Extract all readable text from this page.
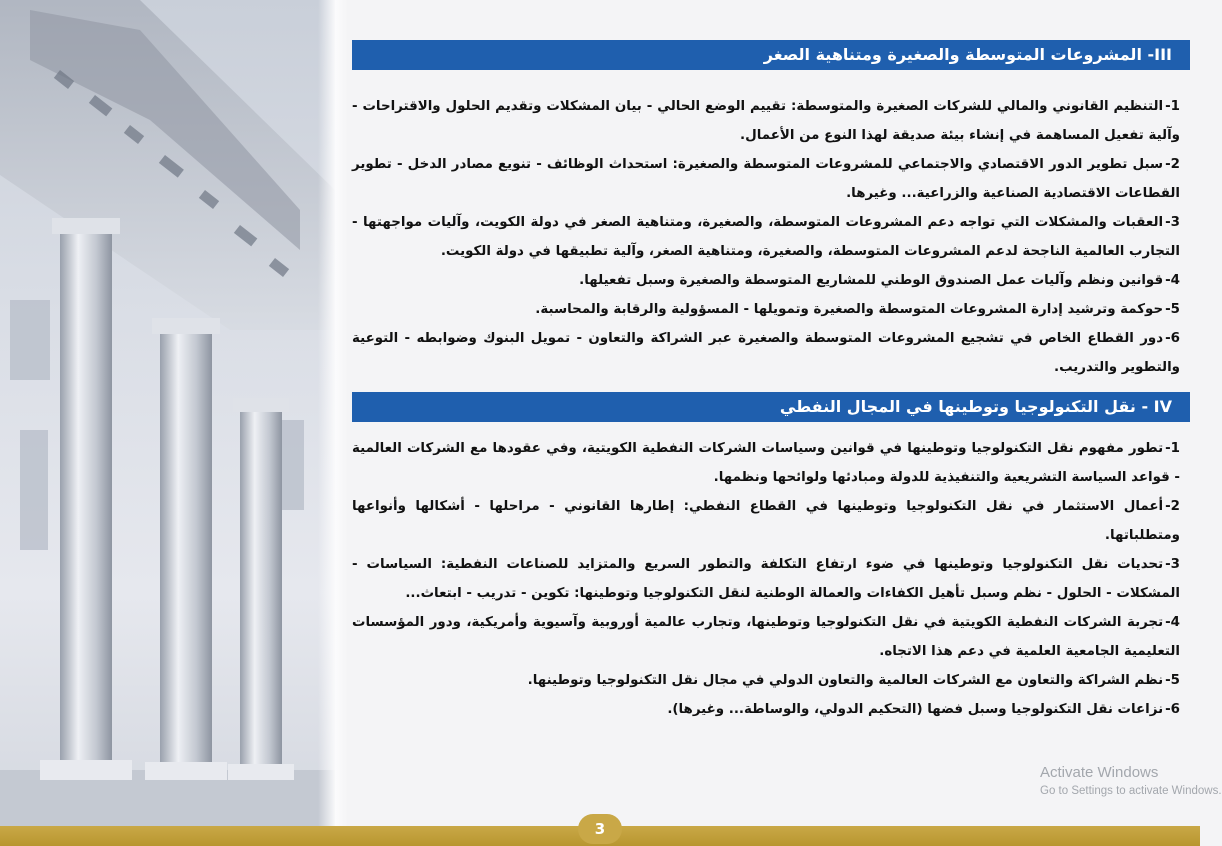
III- المشروعات المتوسطة والصغيرة ومتناهية الصغر
1-التنظيم القانوني والمالي للشركات الصغيرة والمتوسطة: تقييم الوضع الحالي - بيان المشكلات وتقديم الحلول والاقتراحات - وآلية تفعيل المساهمة في إنشاء بيئة صديقة لهذا النوع من الأعمال.
2-سبل تطوير الدور الاقتصادي والاجتماعي للمشروعات المتوسطة والصغيرة: استحداث الوظائف - تنويع مصادر الدخل - تطوير القطاعات الاقتصادية الصناعية والزراعية... وغيرها.
3-العقبات والمشكلات التي تواجه دعم المشروعات المتوسطة، والصغيرة، ومتناهية الصغر في دولة الكويت، وآليات مواجهتها - التجارب العالمية الناجحة لدعم المشروعات المتوسطة، والصغيرة، ومتناهية الصغر، وآلية تطبيقها في دولة الكويت.
4-قوانين ونظم وآليات عمل الصندوق الوطني للمشاريع المتوسطة والصغيرة وسبل تفعيلها.
5-حوكمة وترشيد إدارة المشروعات المتوسطة والصغيرة وتمويلها - المسؤولية والرقابة والمحاسبة.
6-دور القطاع الخاص في تشجيع المشروعات المتوسطة والصغيرة عبر الشراكة والتعاون - تمويل البنوك وضوابطه - التوعية والتطوير والتدريب.
IV - نقل التكنولوجيا وتوطينها في المجال النفطي
1-تطور مفهوم نقل التكنولوجيا وتوطينها في قوانين وسياسات الشركات النفطية الكويتية، وفي عقودها مع الشركات العالمية - قواعد السياسة التشريعية والتنفيذية للدولة ومبادئها ولوائحها ونظمها.
2-أعمال الاستثمار في نقل التكنولوجيا وتوطينها في القطاع النفطي: إطارها القانوني - مراحلها - أشكالها وأنواعها ومتطلباتها.
3-تحديات نقل التكنولوجيا وتوطينها في ضوء ارتفاع التكلفة والتطور السريع والمتزايد للصناعات النفطية: السياسات - المشكلات - الحلول - نظم وسبل تأهيل الكفاءات والعمالة الوطنية لنقل التكنولوجيا وتوطينها: تكوين - تدريب - ابتعاث...
4-تجربة الشركات النفطية الكويتية في نقل التكنولوجيا وتوطينها، وتجارب عالمية أوروبية وآسيوية وأمريكية، ودور المؤسسات التعليمية الجامعية العلمية في دعم هذا الاتجاه.
5-نظم الشراكة والتعاون مع الشركات العالمية والتعاون الدولي في مجال نقل التكنولوجيا وتوطينها.
6-نزاعات نقل التكنولوجيا وسبل فضها (التحكيم الدولي، والوساطة... وغيرها).
Activate Windows
Go to Settings to activate Windows.
3
